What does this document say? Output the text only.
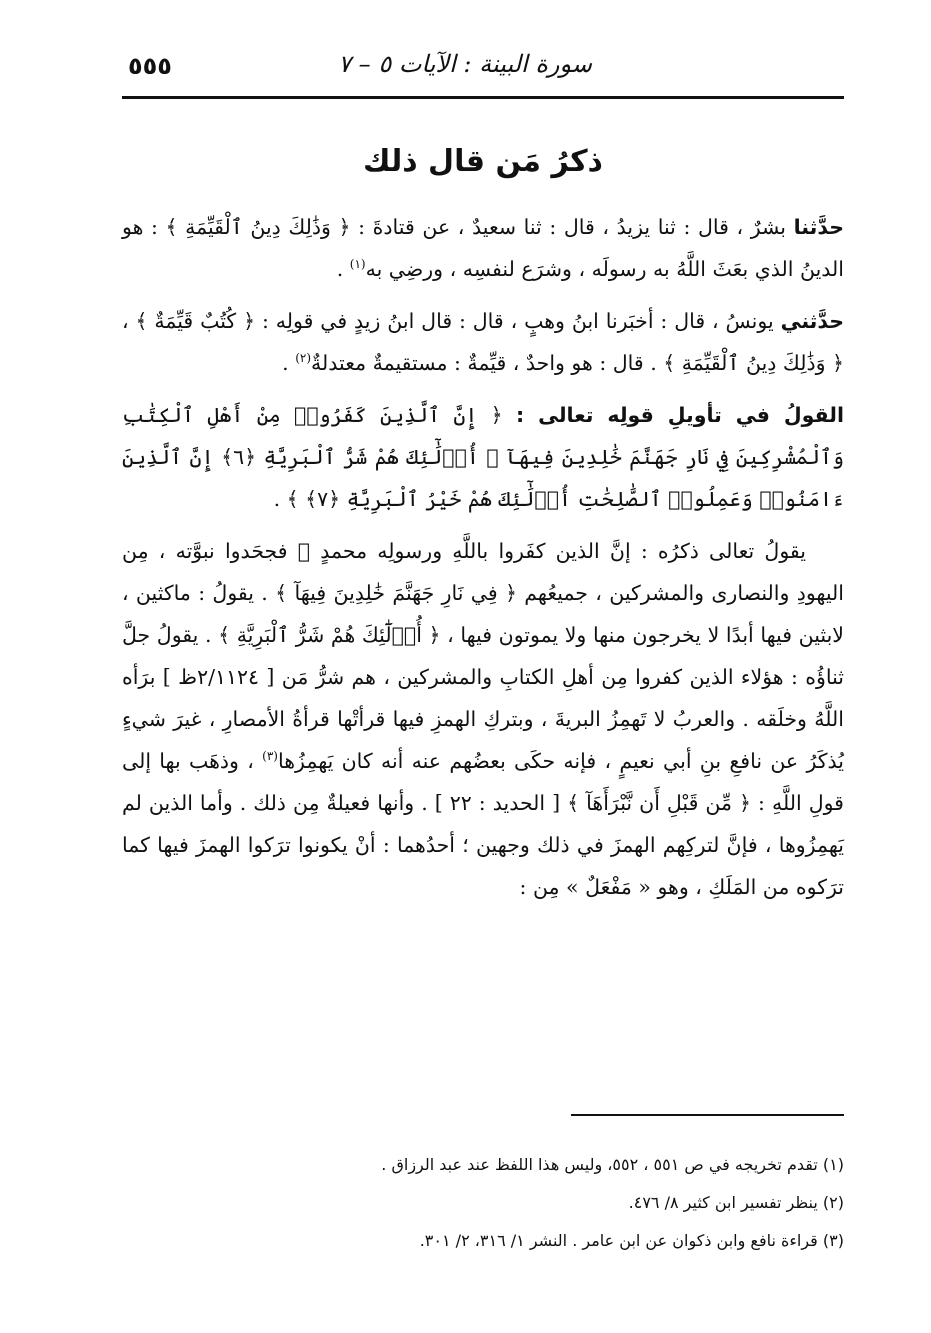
٥٥٥	سورة البينة : الآيات ٥ – ٧
ذكرُ مَن قال ذلك

حدَّثنا بشرٌ ، قال : ثنا يزيدُ ، قال : ثنا سعيدٌ ، عن قتادةَ : ﴿ وَذَٰلِكَ دِينُ ٱلْقَيِّمَةِ ﴾ : هو الدينُ الذي بعَثَ اللَّهُ به رسولَه ، وشرَع لنفسِه ، ورضِي به$^{(١)}$ .

حدَّثني يونسُ ، قال : أخبَرنا ابنُ وهبٍ ، قال : قال ابنُ زيدٍ في قولِه : ﴿ كُتُبٌ قَيِّمَةٌ ﴾ ، ﴿ وَذَٰلِكَ دِينُ ٱلْقَيِّمَةِ ﴾ . قال : هو واحدٌ ، قيِّمةٌ : مستقيمةٌ معتدلةٌ$^{(٢)}$ .

القولُ في تأويلِ قولِه تعالى : ﴿ إِنَّ ٱلَّذِينَ كَفَرُوا۟ مِنْ أَهْلِ ٱلْكِتَٰبِ وَٱلْمُشْرِكِينَ فِي نَارِ جَهَنَّمَ خَٰلِدِينَ فِيهَآ ۚ أُو۟لَٰٓئِكَ هُمْ شَرُّ ٱلْبَرِيَّةِ ﴿٦﴾ إِنَّ ٱلَّذِينَ ءَامَنُوا۟ وَعَمِلُوا۟ ٱلصَّٰلِحَٰتِ أُو۟لَٰٓئِكَ هُمْ خَيْرُ ٱلْبَرِيَّةِ ﴿٧﴾ ﴾ .

يقولُ تعالى ذكرُه : إنَّ الذين كفَروا باللَّهِ ورسولِه محمدٍ ﷺ فجحَدوا نبوَّته ، مِن اليهودِ والنصارى والمشركين ، جميعُهم ﴿ فِي نَارِ جَهَنَّمَ خَٰلِدِينَ فِيهَآ ﴾ . يقولُ : ماكثين ، لابثين فيها أبدًا لا يخرجون منها ولا يموتون فيها ، ﴿ أُو۟لَٰٓئِكَ هُمْ شَرُّ ٱلْبَرِيَّةِ ﴾ . يقولُ جلَّ ثناؤُه : هؤلاء الذين كفروا مِن أهلِ الكتابِ والمشركين ، هم شرُّ مَن [ ٢/١١٢٤ظ ] برَأه اللَّهُ وخلَقه . والعربُ لا تَهمِزُ البريةَ ، وبتركِ الهمزِ فيها قرأتْها قرأةُ الأمصارِ ، غيرَ شيءٍ يُذكَرُ عن نافعِ بنِ أبي نعيمٍ ، فإنه حكَى بعضُهم عنه أنه كان يَهمِزُها$^{(٣)}$ ، وذهَب بها إلى قولِ اللَّهِ : ﴿ مِّن قَبْلِ أَن نَّبْرَأَهَآ ﴾ [ الحديد : ٢٢ ] . وأنها فعيلةٌ مِن ذلك . وأما الذين لم يَهمِزُوها ، فإنَّ لتركِهم الهمزَ في ذلك وجهين ؛ أحدُهما : أنْ يكونوا ترَكوا الهمزَ فيها كما ترَكوه من المَلَكِ ، وهو « مَفْعَلٌ » مِن :

(١) تقدم تخريجه في ص ٥٥١ ، ٥٥٢، وليس هذا اللفظ عند عبد الرزاق .

(٢) ينظر تفسير ابن كثير ٨/ ٤٧٦.

(٣) قراءة نافع وابن ذكوان عن ابن عامر . النشر ١/ ٣١٦، ٢/ ٣٠١.
